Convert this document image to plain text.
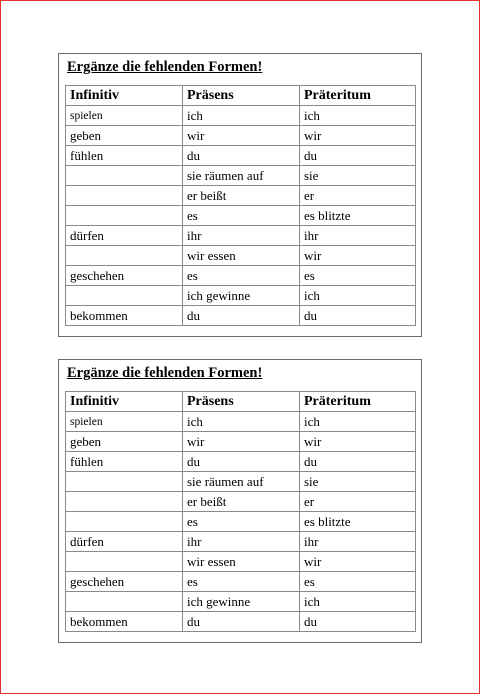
Ergänze die fehlenden Formen!
Infinitiv	Präsens	Präteritum
spielen	ich	ich
geben	wir	wir
fühlen	du	du
	sie räumen auf	sie
	er beißt	er
	es	es blitzte
dürfen	ihr	ihr
	wir essen	wir
geschehen	es	es
	ich gewinne	ich
bekommen	du	du
Ergänze die fehlenden Formen!
Infinitiv	Präsens	Präteritum
spielen	ich	ich
geben	wir	wir
fühlen	du	du
	sie räumen auf	sie
	er beißt	er
	es	es blitzte
dürfen	ihr	ihr
	wir essen	wir
geschehen	es	es
	ich gewinne	ich
bekommen	du	du
